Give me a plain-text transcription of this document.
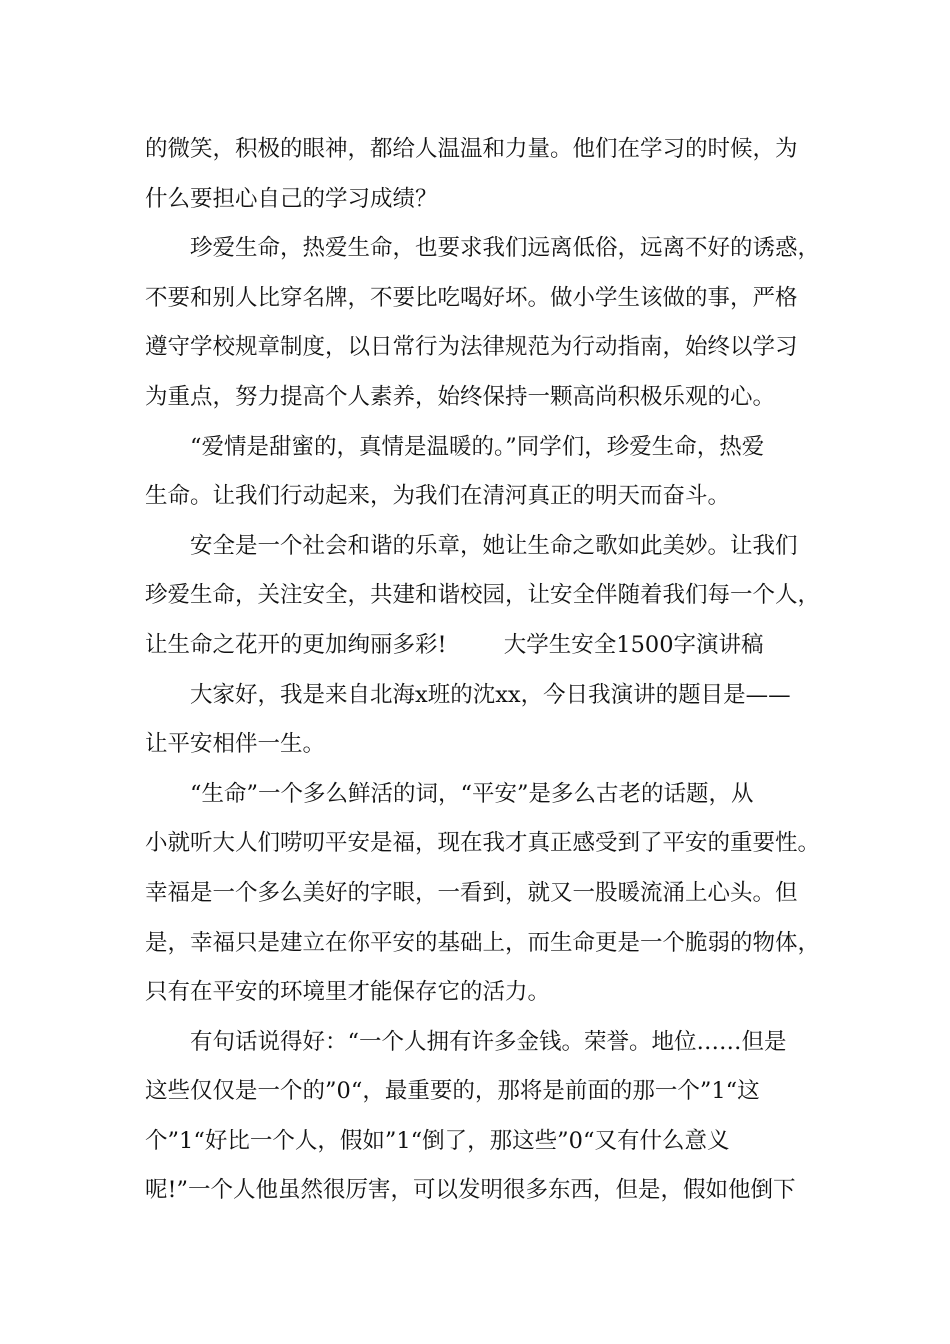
的微笑，积极的眼神，都给人温温和力量。他们在学习的时候，为
什么要担心自己的学习成绩？
珍爱生命，热爱生命，也要求我们远离低俗，远离不好的诱惑，
不要和别人比穿名牌，不要比吃喝好坏。做小学生该做的事，严格
遵守学校规章制度，以日常行为法律规范为行动指南，始终以学习
为重点，努力提高个人素养，始终保持一颗高尚积极乐观的心。
“爱情是甜蜜的，真情是温暖的。”同学们，珍爱生命，热爱
生命。让我们行动起来，为我们在清河真正的明天而奋斗。
安全是一个社会和谐的乐章，她让生命之歌如此美妙。让我们
珍爱生命，关注安全，共建和谐校园，让安全伴随着我们每一个人，
让生命之花开的更加绚丽多彩!        大学生安全1500字演讲稿
大家好，我是来自北海x班的沈xx，今日我演讲的题目是——
让平安相伴一生。
“生命”一个多么鲜活的词，“平安”是多么古老的话题，从
小就听大人们唠叨平安是福，现在我才真正感受到了平安的重要性。
幸福是一个多么美好的字眼，一看到，就又一股暖流涌上心头。但
是，幸福只是建立在你平安的基础上，而生命更是一个脆弱的物体，
只有在平安的环境里才能保存它的活力。
有句话说得好：“一个人拥有许多金钱。荣誉。地位……但是
这些仅仅是一个的”0“，最重要的，那将是前面的那一个”1“这
个”1“好比一个人，假如”1“倒了，那这些”0“又有什么意义
呢!”一个人他虽然很厉害，可以发明很多东西，但是，假如他倒下
